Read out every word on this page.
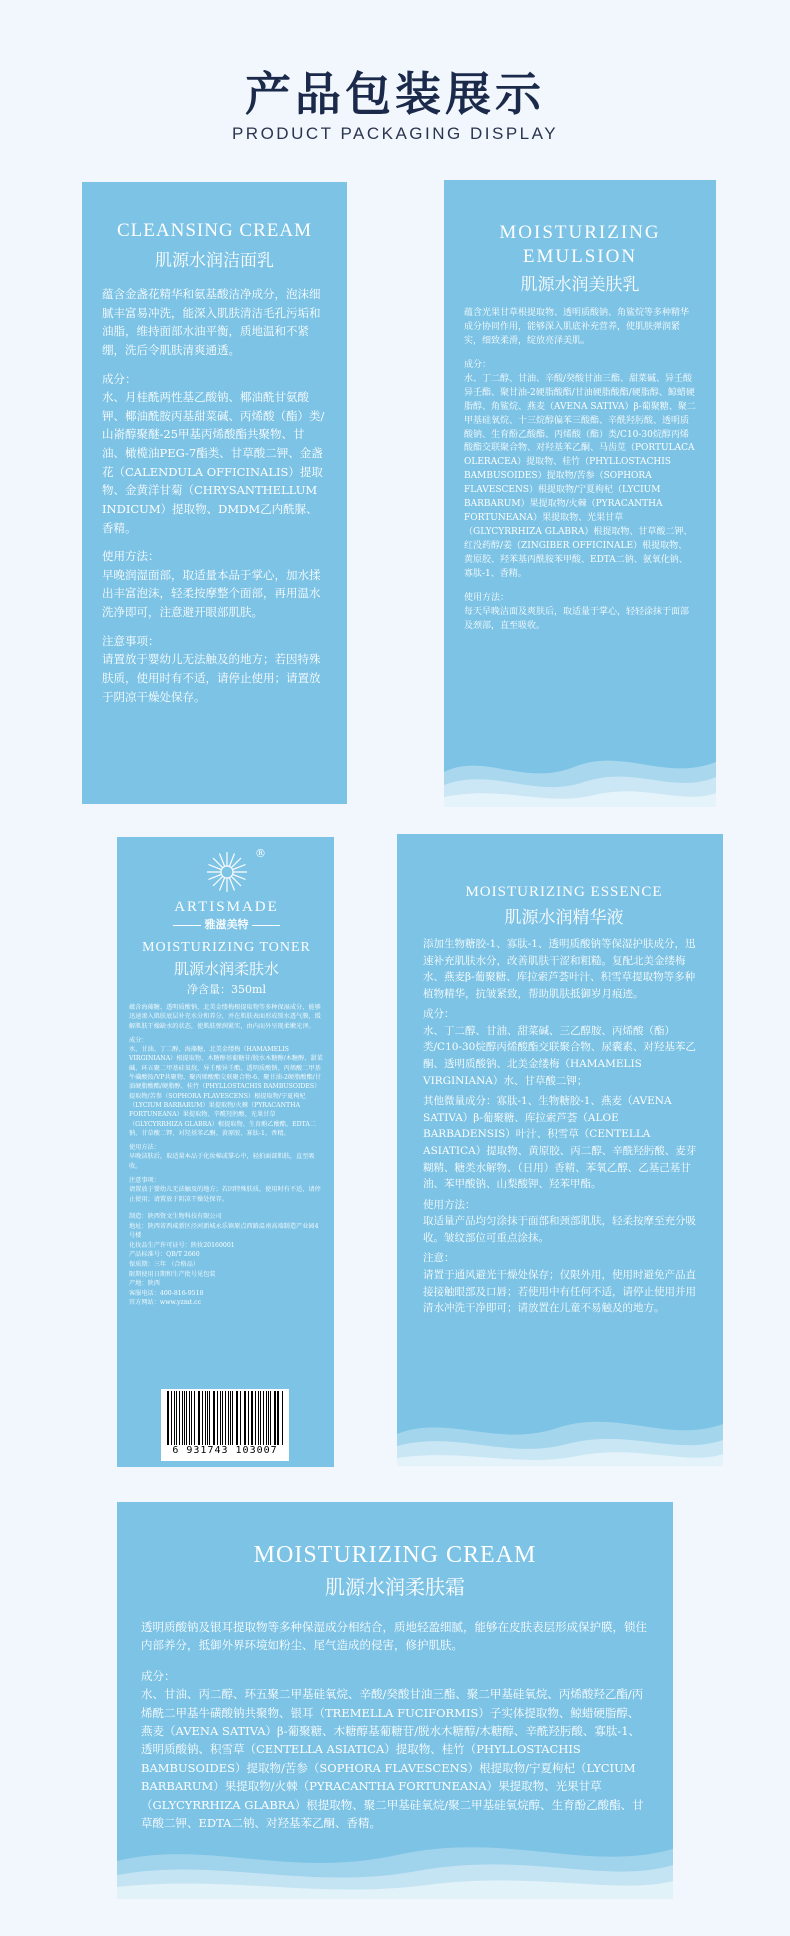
产品包装展示
PRODUCT PACKAGING DISPLAY
CLEANSING CREAM
肌源水润洁面乳
蕴含金盏花精华和氨基酸洁净成分，泡沫细腻丰富易冲洗，能深入肌肤清洁毛孔污垢和油脂，维持面部水油平衡，质地温和不紧绷，洗后令肌肤清爽通透。
成分：
水、月桂酰两性基乙酸钠、椰油酰甘氨酸钾、椰油酰胺丙基甜菜碱、丙烯酸（酯）类/山嵛醇聚醚-25甲基丙烯酸酯共聚物、甘油、橄榄油PEG-7酯类、甘草酸二钾、金盏花（CALENDULA OFFICINALIS）提取物、金黄洋甘菊（CHRYSANTHELLUM INDICUM）提取物、DMDM乙内酰脲、香精。
使用方法：
早晚润湿面部，取适量本品于掌心，加水揉出丰富泡沫，轻柔按摩整个面部，再用温水洗净即可，注意避开眼部肌肤。
注意事项：
请置放于婴幼儿无法触及的地方；若因特殊肤质，使用时有不适，请停止使用；请置放于阴凉干燥处保存。
MOISTURIZING
EMULSION
肌源水润美肤乳
蕴含光果甘草根提取物、透明质酸钠、角鲨烷等多种精华成分协同作用，能够深入肌底补充营养，使肌肤弹润紧实，细致柔滑，绽放亮泽美肌。
成分：
水、丁二醇、甘油、辛酸/癸酸甘油三酯、甜菜碱、异壬酸异壬酯、聚甘油-2硬脂酸酯/甘油硬脂酸酯/硬脂醇、鲸蜡硬脂醇、角鲨烷、燕麦（AVENA SATIVA）β-葡聚糖、聚二甲基硅氧烷、十三烷醇偏苯三酸酯、辛酰羟肟酸、透明质酸钠、生育酚乙酸酯、丙烯酸（酯）类/C10-30烷醇丙烯酸酯交联聚合物、对羟基苯乙酮、马齿苋（PORTULACA OLERACEA）提取物、桂竹（PHYLLOSTACHIS BAMBUSOIDES）提取物/苦参（SOPHORA FLAVESCENS）根提取物/宁夏枸杞（LYCIUM BARBARUM）果提取物/火棘（PYRACANTHA FORTUNEANA）果提取物、光果甘草（GLYCYRRHIZA GLABRA）根提取物、甘草酸二钾、红没药醇/姜（ZINGIBER OFFICINALE）根提取物、黄原胶、羟苯基丙酰胺苯甲酸、EDTA二钠、氨氧化钠、寡肽-1、香精。
使用方法：
每天早晚洁面及爽肤后，取适量于掌心，轻轻涂抹于面部及颈部，直至吸收。
®
ARTISMADE
雅滋美特
MOISTURIZING TONER
肌源水润柔肤水
净含量：350ml
蕴含海藻糖、透明质酸钠、北美金缕梅根提取物等多种保湿成分，能够迅速渗入肌肤底层补充水分和养分，并在肌肤表面形成锁水透气膜，缓解肌肤干燥缺水的状态，使肌肤弹润紧实，由内而外呈现柔嫩光泽。
成分：
水、甘油、丁二醇、海藻糖、北美金缕梅（HAMAMELIS VIRGINIANA）根提取物、木糖醇基葡糖苷/脱水木糖醇/木糖醇、甜菜碱、环五聚二甲基硅氧烷、异壬酸异壬酯、透明质酸钠、丙烯酸二甲基牛磺酸铵/VP共聚物、聚丙烯酸酯交联聚合物-6、聚甘油-2硬脂酸酯/甘油硬脂酸酯/硬脂醇、桂竹（PHYLLOSTACHIS BAMBUSOIDES）提取物/苦参（SOPHORA FLAVESCENS）根提取物/宁夏枸杞（LYCIUM BARBARUM）果提取物/火棘（PYRACANTHA FORTUNEANA）果提取物、辛酰羟肟酸、光果甘草（GLYCYRRHIZA GLABRA）根提取物、生育酚乙酸酯、EDTA二钠、甘草酸二钾、对羟基苯乙酮、黄原胶、寡肽-1、香精。
使用方法：
早晚洁肤后，取适量本品于化妆棉或掌心中，轻拍面部肌肤，直至吸收。
注意事项：
请置放于婴幼儿无法触及的地方；若因特殊肤质，使用时有不适，请停止使用；请置放于阴凉干燥处保存。
制造：陕西资文生物科技有限公司
地址：陕西省西咸新区泾河新城永乐镇原点西路温南高端制造产业园4号楼
化妆品生产许可证号：陕妆20160001
产品标准号：QB/T 2660
保质期：三年 （合格品）
限期使用日期和生产批号见包装
产地：陕西
客服电话：400-816-9518
官方网站：www.yzmt.cc
6 931743 103007
MOISTURIZING ESSENCE
肌源水润精华液
添加生物糖胶-1、寡肽-1、透明质酸钠等保湿护肤成分，迅速补充肌肤水分，改善肌肤干涩和粗糙。复配北美金缕梅水、燕麦β-葡聚糖、库拉索芦荟叶汁、积雪草提取物等多种植物精华，抗皱紧致，帮助肌肤抵御岁月痕迹。
成分：
水、丁二醇、甘油、甜菜碱、三乙醇胺、丙烯酸（酯）类/C10-30烷醇丙烯酸酯交联聚合物、尿囊素、对羟基苯乙酮、透明质酸钠、北美金缕梅（HAMAMELIS VIRGINIANA）水、甘草酸二钾；
其他微量成分：寡肽-1、生物糖胶-1、燕麦（AVENA SATIVA）β-葡聚糖、库拉索芦荟（ALOE BARBADENSIS）叶汁、积雪草（CENTELLA ASIATICA）提取物、黄原胶、丙二醇、辛酰羟肟酸、麦芽糊精、糖类水解物、（日用）香精、苯氧乙醇、乙基己基甘油、苯甲酸钠、山梨酸钾、羟苯甲酯。
使用方法：
取适量产品均匀涂抹于面部和颈部肌肤，轻柔按摩至充分吸收。皱纹部位可重点涂抹。
注意：
请置于通风避光干燥处保存；仅限外用，使用时避免产品直接接触眼部及口唇；若使用中有任何不适，请停止使用并用清水冲洗干净即可；请放置在儿童不易触及的地方。
MOISTURIZING CREAM
肌源水润柔肤霜
透明质酸钠及银耳提取物等多种保湿成分相结合，质地轻盈细腻，能够在皮肤表层形成保护膜，锁住内部养分，抵御外界环境如粉尘、尾气造成的侵害，修护肌肤。
成分：
水、甘油、丙二醇、环五聚二甲基硅氧烷、辛酸/癸酸甘油三酯、聚二甲基硅氧烷、丙烯酸羟乙酯/丙烯酰二甲基牛磺酸钠共聚物、银耳（TREMELLA FUCIFORMIS）子实体提取物、鲸蜡硬脂醇、燕麦（AVENA SATIVA）β-葡聚糖、木糖醇基葡糖苷/脱水木糖醇/木糖醇、辛酰羟肟酸、寡肽-1、透明质酸钠、积雪草（CENTELLA ASIATICA）提取物、桂竹（PHYLLOSTACHIS BAMBUSOIDES）提取物/苦参（SOPHORA FLAVESCENS）根提取物/宁夏枸杞（LYCIUM BARBARUM）果提取物/火棘（PYRACANTHA FORTUNEANA）果提取物、光果甘草（GLYCYRRHIZA GLABRA）根提取物、聚二甲基硅氧烷/聚二甲基硅氧烷醇、生育酚乙酸酯、甘草酸二钾、EDTA二钠、对羟基苯乙酮、香精。
